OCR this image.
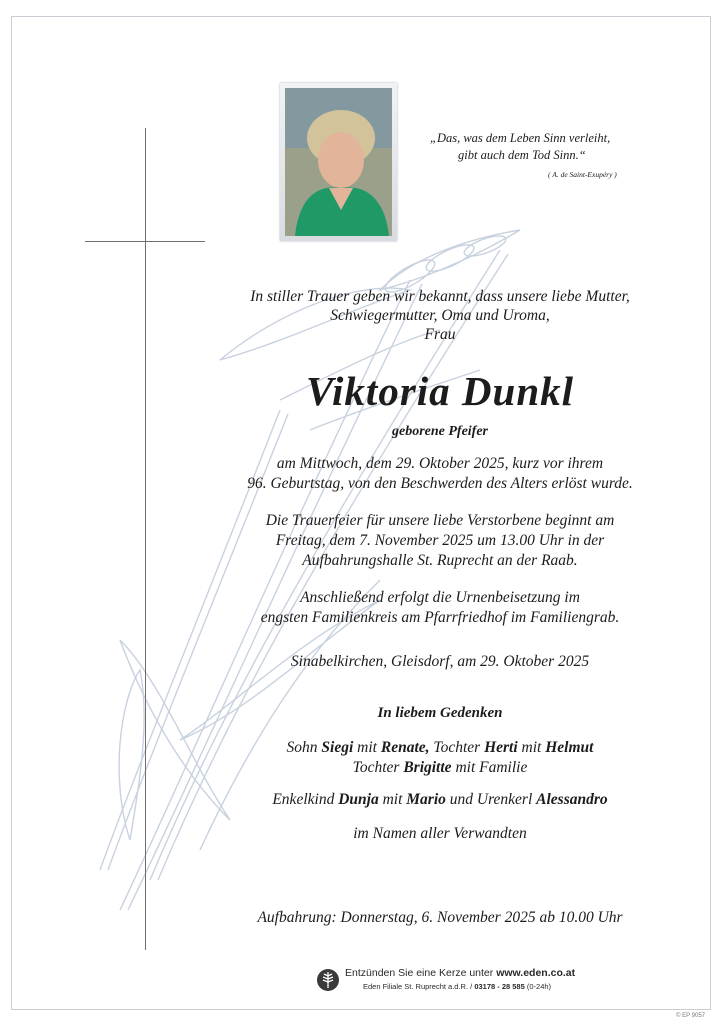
„Das, was dem Leben Sinn verleiht,
gibt auch dem Tod Sinn.“
( A. de Saint-Exupéry )
In stiller Trauer geben wir bekannt, dass unsere liebe Mutter,
Schwiegermutter, Oma und Uroma,
Frau
Viktoria Dunkl
geborene Pfeifer
am Mittwoch, dem 29. Oktober 2025, kurz vor ihrem
96. Geburtstag, von den Beschwerden des Alters erlöst wurde.
Die Trauerfeier für unsere liebe Verstorbene beginnt am
Freitag, dem 7. November 2025 um 13.00 Uhr in der
Aufbahrungshalle St. Ruprecht an der Raab.
Anschließend erfolgt die Urnenbeisetzung im
engsten Familienkreis am Pfarrfriedhof im Familiengrab.
Sinabelkirchen, Gleisdorf, am 29. Oktober 2025
In liebem Gedenken
Sohn Siegi mit Renate, Tochter Herti mit Helmut
Tochter Brigitte mit Familie
Enkelkind Dunja mit Mario und Urenkerl Alessandro
im Namen aller Verwandten
Aufbahrung: Donnerstag, 6. November 2025 ab 10.00 Uhr
Entzünden Sie eine Kerze unter www.eden.co.at
Eden Filiale St. Ruprecht a.d.R. / 03178 - 28 585 (0-24h)
© EP 9057
